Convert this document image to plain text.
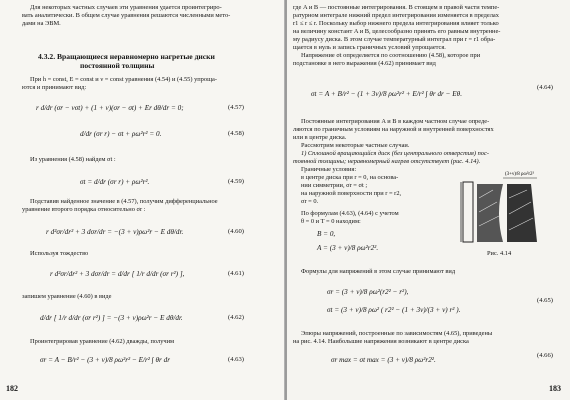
Для некоторых частных случаев эти уравнения удается проинтегриро-
вать аналитически. В общем случае уравнения решаются численными мето-
дами на ЭВМ.
4.3.2. Вращающиеся неравномерно нагретые диски
постоянной толщины
При h = const, E = const и ν = const уравнения (4.54) и (4.55) упроща-
ются и принимают вид:
r d/dr (σr − νσt) + (1 + ν)(σr − σt) + Er dθ/dr = 0;	(4.57)
d/dr (σr r) − σt + ρω²r² = 0.	(4.58)
Из уравнения (4.58) найдем σt :
σt = d/dr (σr r) + ρω²r².	(4.59)
Подставив найденное значение в (4.57), получим дифференциальное
уравнение второго порядка относительно σr :
r d²σr/dr² + 3 dσr/dr = −(3 + ν)ρω²r − E dθ/dr.	(4.60)
Используя тождество
r d²σr/dr² + 3 dσr/dr = d/dr [ 1/r d/dr (σr r²) ],	(4.61)
запишем уравнение (4.60) в виде
d/dr [ 1/r d/dr (σr r²) ] = −(3 + ν)ρω²r − E dθ/dr.	(4.62)
Проинтегрировав уравнение (4.62) дважды, получим
σr = A − B/r² − (3 + ν)/8 ρω²r² − E/r² ∫ θr dr	(4.63)
182
где A и B — постоянные интегрирования. В стоящем в правой части темпе-
ратурном интеграле нижний предел интегрирования изменяется в пределах
r1 ≤ r ≤ r. Поскольку выбор нижнего предела интегрирования влияет только
на величину констант A и B, целесообразно принять его равным внутренне-
му радиусу диска. В этом случае температурный интеграл при r = r1 обра-
щается в нуль и запись граничных условий упрощается.
Напряжение σt определяется по соотношению (4.58), которое при
подстановке в него выражения (4.62) принимает вид
σt = A + B/r² − (1 + 3ν)/8 ρω²r² + E/r² ∫ θr dr − Eθ.
(4.64)
Постоянные интегрирования A и B в каждом частном случае опреде-
ляются по граничным условиям на наружной и внутренней поверхностях
или в центре диска.
Рассмотрим некоторые частные случаи.
1) Сплошной вращающийся диск (без центрального отверстия) пос-
тоянной толщины; неравномерный нагрев отсутствует (рис. 4.14).
Граничные условия:
в центре диска при r = 0, на основа-
нии симметрии, σr = σt ;
на наружной поверхности при r = r2,
σr = 0.
По формулам (4.63), (4.64) с учетом
θ = 0 и T = 0 находим:
B = 0,
A = (3 + ν)/8 ρω²r2².
(3+ν)/8 ρω²r2²
Рис. 4.14
Формулы для напряжений в этом случае принимают вид
σr = (3 + ν)/8 ρω²(r2² − r²),
σt = (3 + ν)/8 ρω² ( r2² − (1 + 3ν)/(3 + ν) r² ).
(4.65)
Эпюры напряжений, построенные по зависимостям (4.65), приведены
на рис. 4.14. Наибольшие напряжения возникают в центре диска
σr max = σt max = (3 + ν)/8 ρω²r2².
(4.66)
183
